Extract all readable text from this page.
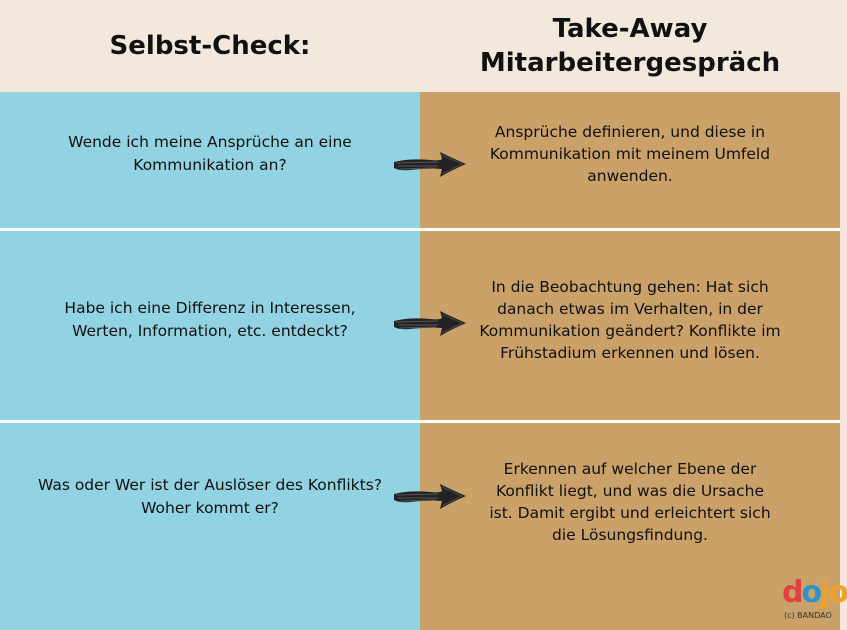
Selbst-Check:
Take-Away
Mitarbeitergespräch
Wende ich meine Ansprüche an eine
Kommunikation an?
Ansprüche definieren, und diese in
Kommunikation mit meinem Umfeld
anwenden.
Habe ich eine Differenz in Interessen,
Werten, Information, etc. entdeckt?
In die Beobachtung gehen: Hat sich
danach etwas im Verhalten, in der
Kommunikation geändert? Konflikte im
Frühstadium erkennen und lösen.
Was oder Wer ist der Auslöser des Konflikts?
Woher kommt er?
Erkennen auf welcher Ebene der
Konflikt liegt, und was die Ursache
ist. Damit ergibt und erleichtert sich
die Lösungsfindung.
dojo
(c) BANDAO
